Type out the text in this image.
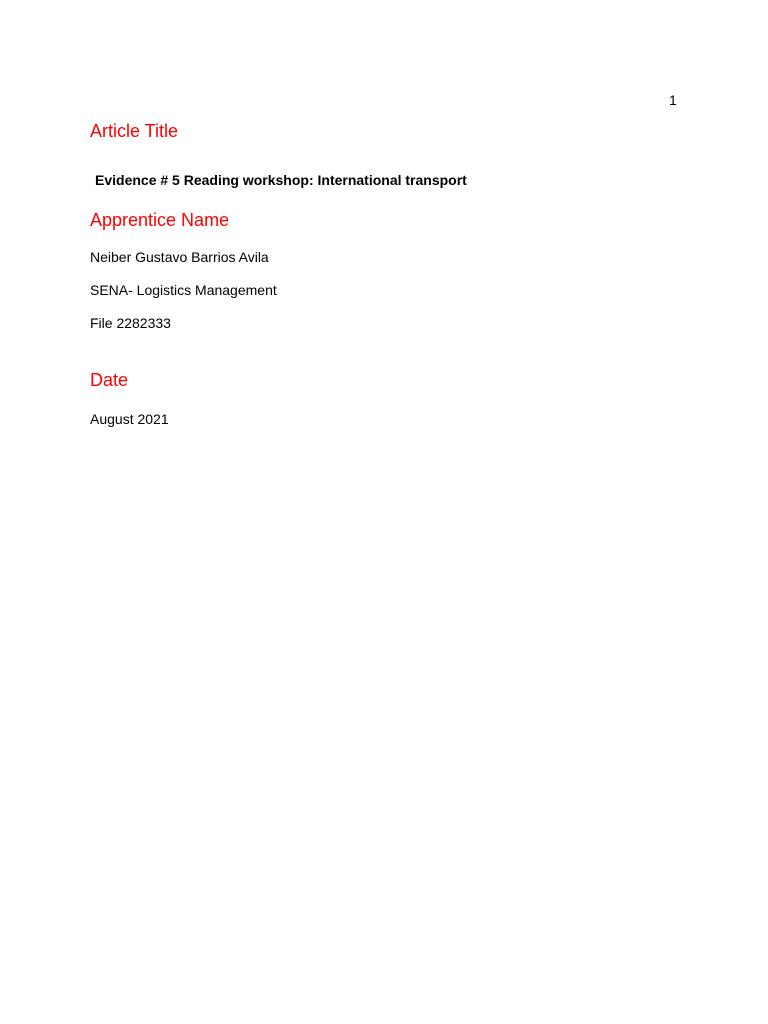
1
Article Title

Evidence # 5 Reading workshop: International transport

Apprentice Name

Neiber Gustavo Barrios Avila

SENA- Logistics Management

File 2282333

Date

August 2021
